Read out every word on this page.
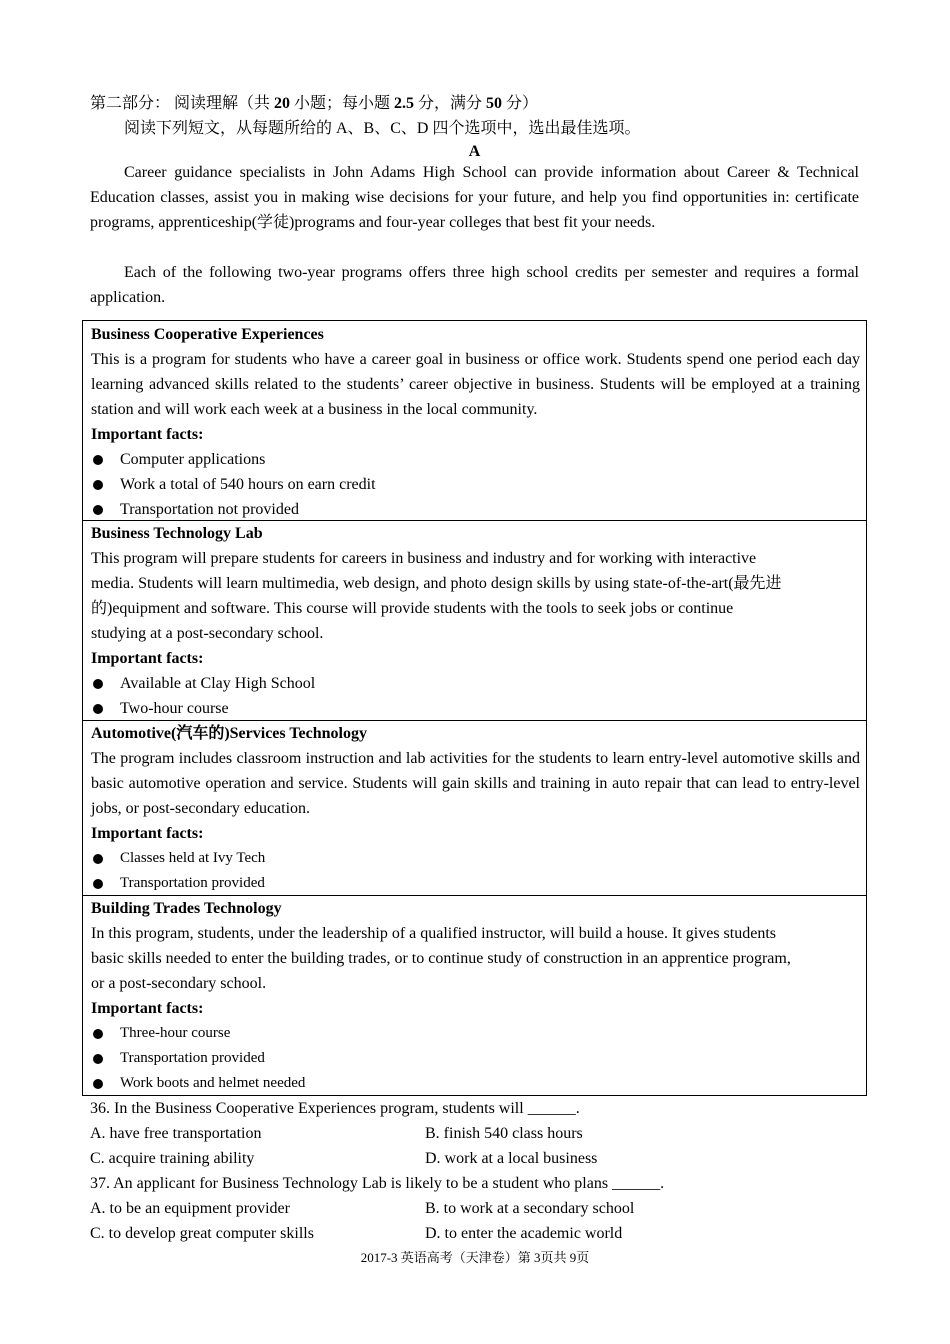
第二部分： 阅读理解（共 20 小题；每小题 2.5 分，满分 50 分）
阅读下列短文，从每题所给的 A、B、C、D 四个选项中，选出最佳选项。
A
Career guidance specialists in John Adams High School can provide information about Career & Technical Education classes, assist you in making wise decisions for your future, and help you find opportunities in: certificate programs, apprenticeship(学徒)programs and four-year colleges that best fit your needs.
Each of the following two-year programs offers three high school credits per semester and requires a formal application.
Business Cooperative Experiences
This is a program for students who have a career goal in business or office work. Students spend one period each day learning advanced skills related to the students’ career objective in business. Students will be employed at a training station and will work each week at a business in the local community.
Important facts:
Computer applications
Work a total of 540 hours on earn credit
Transportation not provided
Business Technology Lab
This program will prepare students for careers in business and industry and for working with interactive
media. Students will learn multimedia, web design, and photo design skills by using state-of-the-art(最先进
的)equipment and software. This course will provide students with the tools to seek jobs or continue
studying at a post-secondary school.
Important facts:
Available at Clay High School
Two-hour course
Automotive(汽车的)Services Technology
The program includes classroom instruction and lab activities for the students to learn entry-level automotive skills and basic automotive operation and service. Students will gain skills and training in auto repair that can lead to entry-level jobs, or post-secondary education.
Important facts:
Classes held at Ivy Tech
Transportation provided
Building Trades Technology
In this program, students, under the leadership of a qualified instructor, will build a house. It gives students
basic skills needed to enter the building trades, or to continue study of construction in an apprentice program,
or a post-secondary school.
Important facts:
Three-hour course
Transportation provided
Work boots and helmet needed
36. In the Business Cooperative Experiences program, students will ______.
A. have free transportation	B. finish 540 class hours
C. acquire training ability	D. work at a local business
37. An applicant for Business Technology Lab is likely to be a student who plans ______.
A. to be an equipment provider	B. to work at a secondary school
C. to develop great computer skills	D. to enter the academic world
2017-3 英语高考（天津卷）第 3页共 9页
